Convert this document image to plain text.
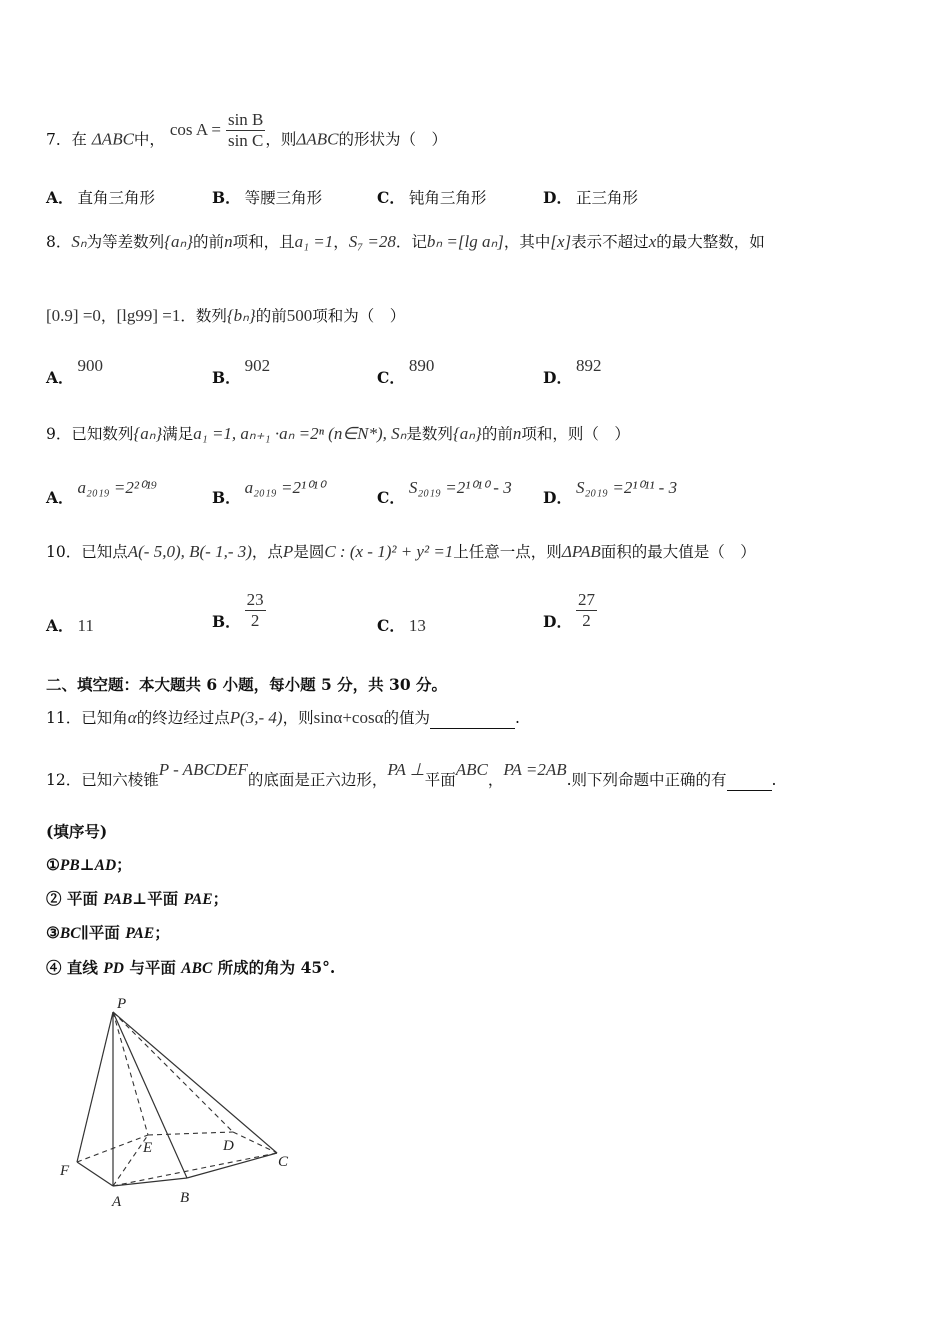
7．在 ΔABC中， $\cos A = \frac{\text{sin B}}{\text{sin C}}$ ，则ΔABC的形状为（　）
A． 直角三角形	B． 等腰三角形	C． 钝角三角形	D． 正三角形
8．Sₙ为等差数列{aₙ}的前n项和，且a₁ =1，S₇ =28．记bₙ =[lg aₙ]，其中[x]表示不超过x的最大整数，如
[0.9] =0，[lg99] =1．数列{bₙ}的前500项和为（　）
A．900
B．902
C．890
D．892
9．已知数列{aₙ}满足a₁ =1, aₙ₊₁ ·aₙ =2ⁿ (n∈N*), Sₙ是数列{aₙ}的前n项和，则（　）
A．a₂₀₁₉ =2²⁰¹⁹
B．a₂₀₁₉ =2¹⁰¹⁰
C．S₂₀₁₉ =2¹⁰¹⁰ - 3
D．S₂₀₁₉ =2¹⁰¹¹ - 3
10．已知点A(- 5,0), B(- 1,- 3)，点P是圆C : (x - 1)² + y² =1上任意一点，则ΔPAB面积的最大值是（　）
A． 11	B． $\frac{23}{2}$	C． 13	D． $\frac{27}{2}$
二、填空题：本大题共 6 小题，每小题 5 分，共 30 分。
11．已知角α的终边经过点P(3,- 4)，则sinα+cosα的值为	.
12．已知六棱锥P - ABCDEF的底面是正六边形，PA ⊥平面ABC，PA =2AB.则下列命题中正确的有	.
(填序号)
①PB⊥AD；
② 平面 PAB⊥平面 PAE；
③BC∥平面 PAE；
④ 直线 PD 与平面 ABC 所成的角为 45°.
P
E	D
C
F
A	B
